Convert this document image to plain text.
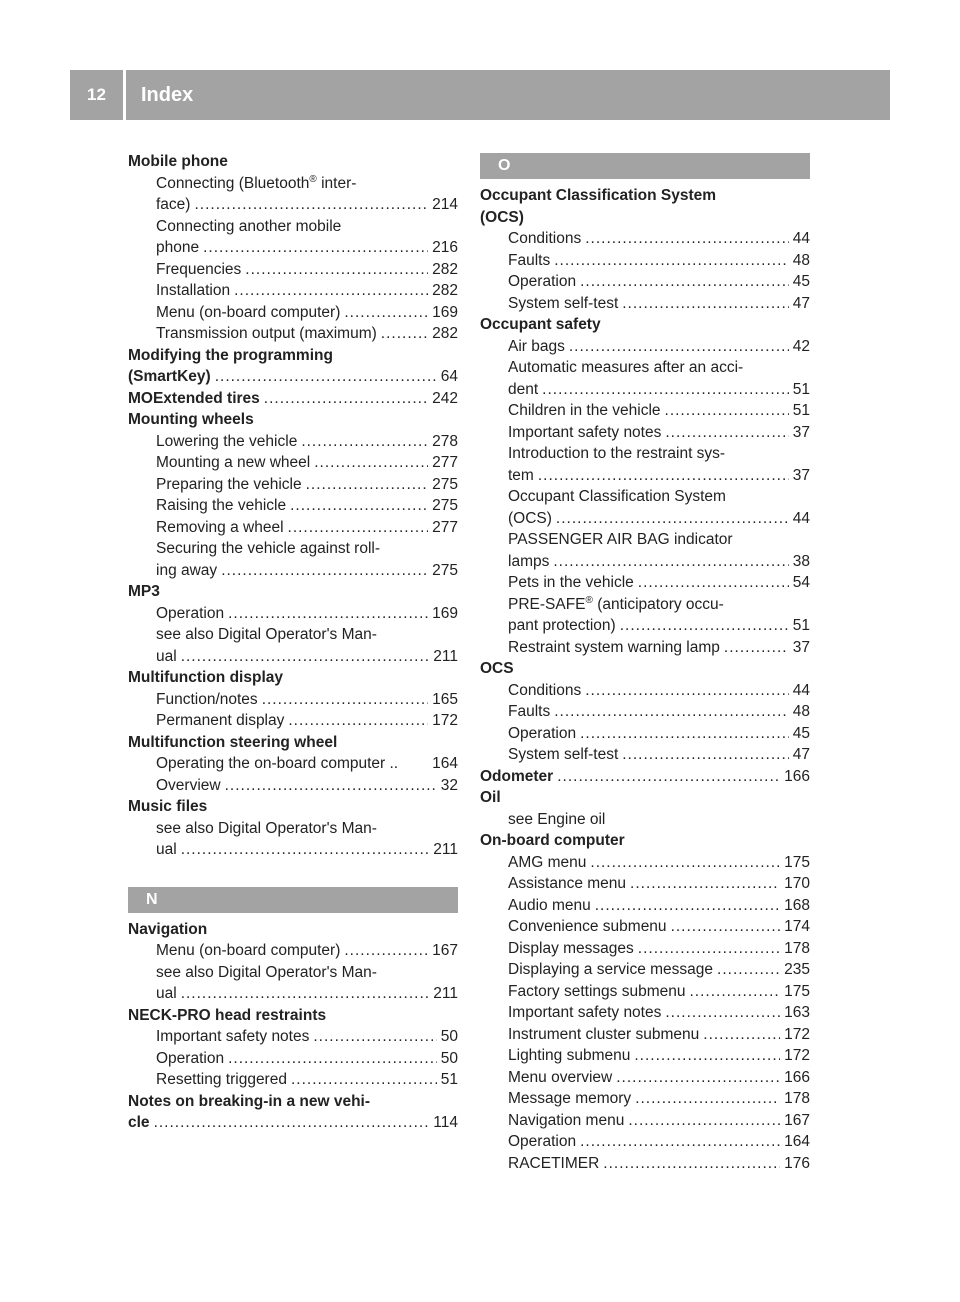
12	Index
Mobile phone
Connecting (Bluetooth® inter-
face) .....	214
Connecting another mobile
phone .....	216
Frequencies .....	282
Installation .....	282
Menu (on-board computer) .....	169
Transmission output (maximum) .....	282
Modifying the programming
(SmartKey) .....	64
MOExtended tires .....	242
Mounting wheels
Lowering the vehicle .....	278
Mounting a new wheel .....	277
Preparing the vehicle .....	275
Raising the vehicle .....	275
Removing a wheel .....	277
Securing the vehicle against roll-
ing away .....	275
MP3
Operation .....	169
see also Digital Operator's Man-
ual .....	211
Multifunction display
Function/notes .....	165
Permanent display .....	172
Multifunction steering wheel
Operating the on-board computer .. 164
Overview .....	32
Music files
see also Digital Operator's Man-
ual .....	211
N
Navigation
Menu (on-board computer) .....	167
see also Digital Operator's Man-
ual .....	211
NECK-PRO head restraints
Important safety notes .....	50
Operation .....	50
Resetting triggered .....	51
Notes on breaking-in a new vehi-
cle .....	114
O
Occupant Classification System
(OCS)
Conditions .....	44
Faults .....	48
Operation .....	45
System self-test .....	47
Occupant safety
Air bags .....	42
Automatic measures after an acci-
dent .....	51
Children in the vehicle .....	51
Important safety notes .....	37
Introduction to the restraint sys-
tem .....	37
Occupant Classification System
(OCS) .....	44
PASSENGER AIR BAG indicator
lamps .....	38
Pets in the vehicle .....	54
PRE-SAFE® (anticipatory occu-
pant protection) .....	51
Restraint system warning lamp .....	37
OCS
Conditions .....	44
Faults .....	48
Operation .....	45
System self-test .....	47
Odometer .....	166
Oil
see Engine oil
On-board computer
AMG menu .....	175
Assistance menu .....	170
Audio menu .....	168
Convenience submenu .....	174
Display messages .....	178
Displaying a service message .....	235
Factory settings submenu .....	175
Important safety notes .....	163
Instrument cluster submenu .....	172
Lighting submenu .....	172
Menu overview .....	166
Message memory .....	178
Navigation menu .....	167
Operation .....	164
RACETIMER .....	176
